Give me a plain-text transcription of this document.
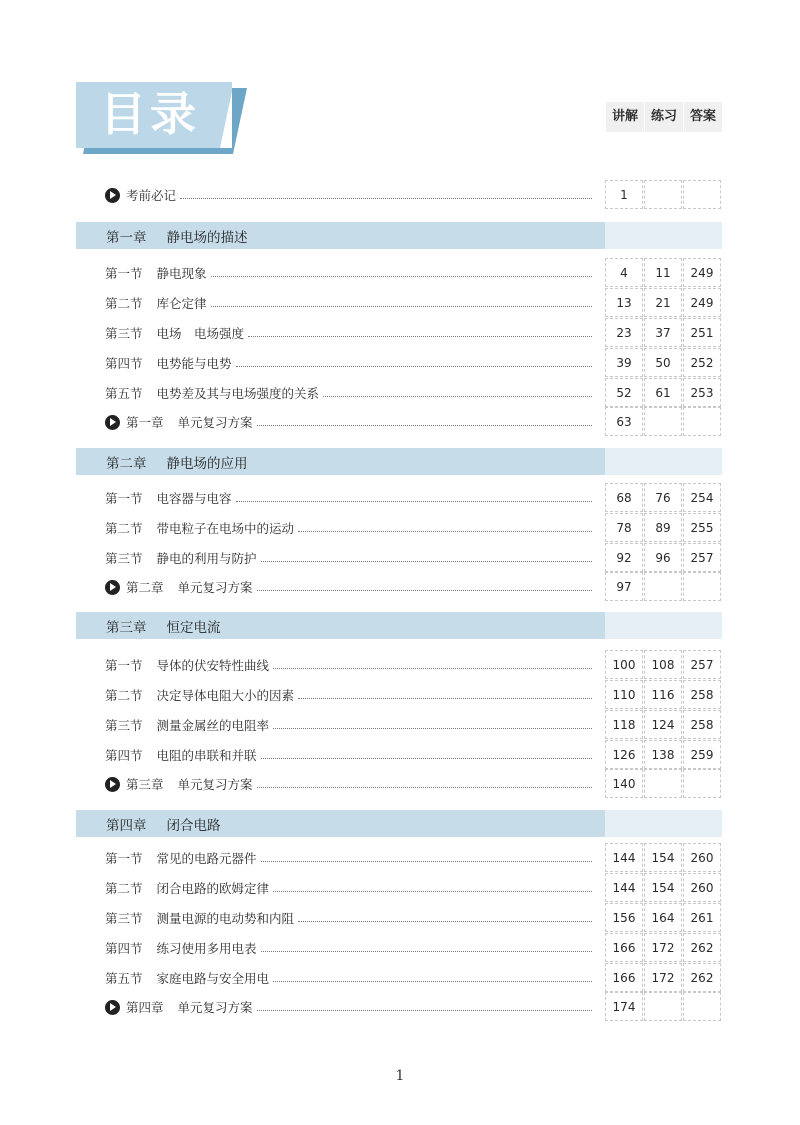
目录	讲解 练习 答案
考前必记	1
第一章 静电场的描述
第一节 静电现象	4	11	249
第二节 库仑定律	13	21	249
第三节 电场　电场强度	23	37	251
第四节 电势能与电势	39	50	252
第五节 电势差及其与电场强度的关系	52	61	253
第一章 单元复习方案	63
第二章 静电场的应用
第一节 电容器与电容	68	76	254
第二节 带电粒子在电场中的运动	78	89	255
第三节 静电的利用与防护	92	96	257
第二章 单元复习方案	97
第三章 恒定电流
第一节 导体的伏安特性曲线	100	108	257
第二节 决定导体电阻大小的因素	110	116	258
第三节 测量金属丝的电阻率	118	124	258
第四节 电阻的串联和并联	126	138	259
第三章 单元复习方案	140
第四章 闭合电路
第一节 常见的电路元器件	144	154	260
第二节 闭合电路的欧姆定律	144	154	260
第三节 测量电源的电动势和内阻	156	164	261
第四节 练习使用多用电表	166	172	262
第五节 家庭电路与安全用电	166	172	262
第四章 单元复习方案	174
1
